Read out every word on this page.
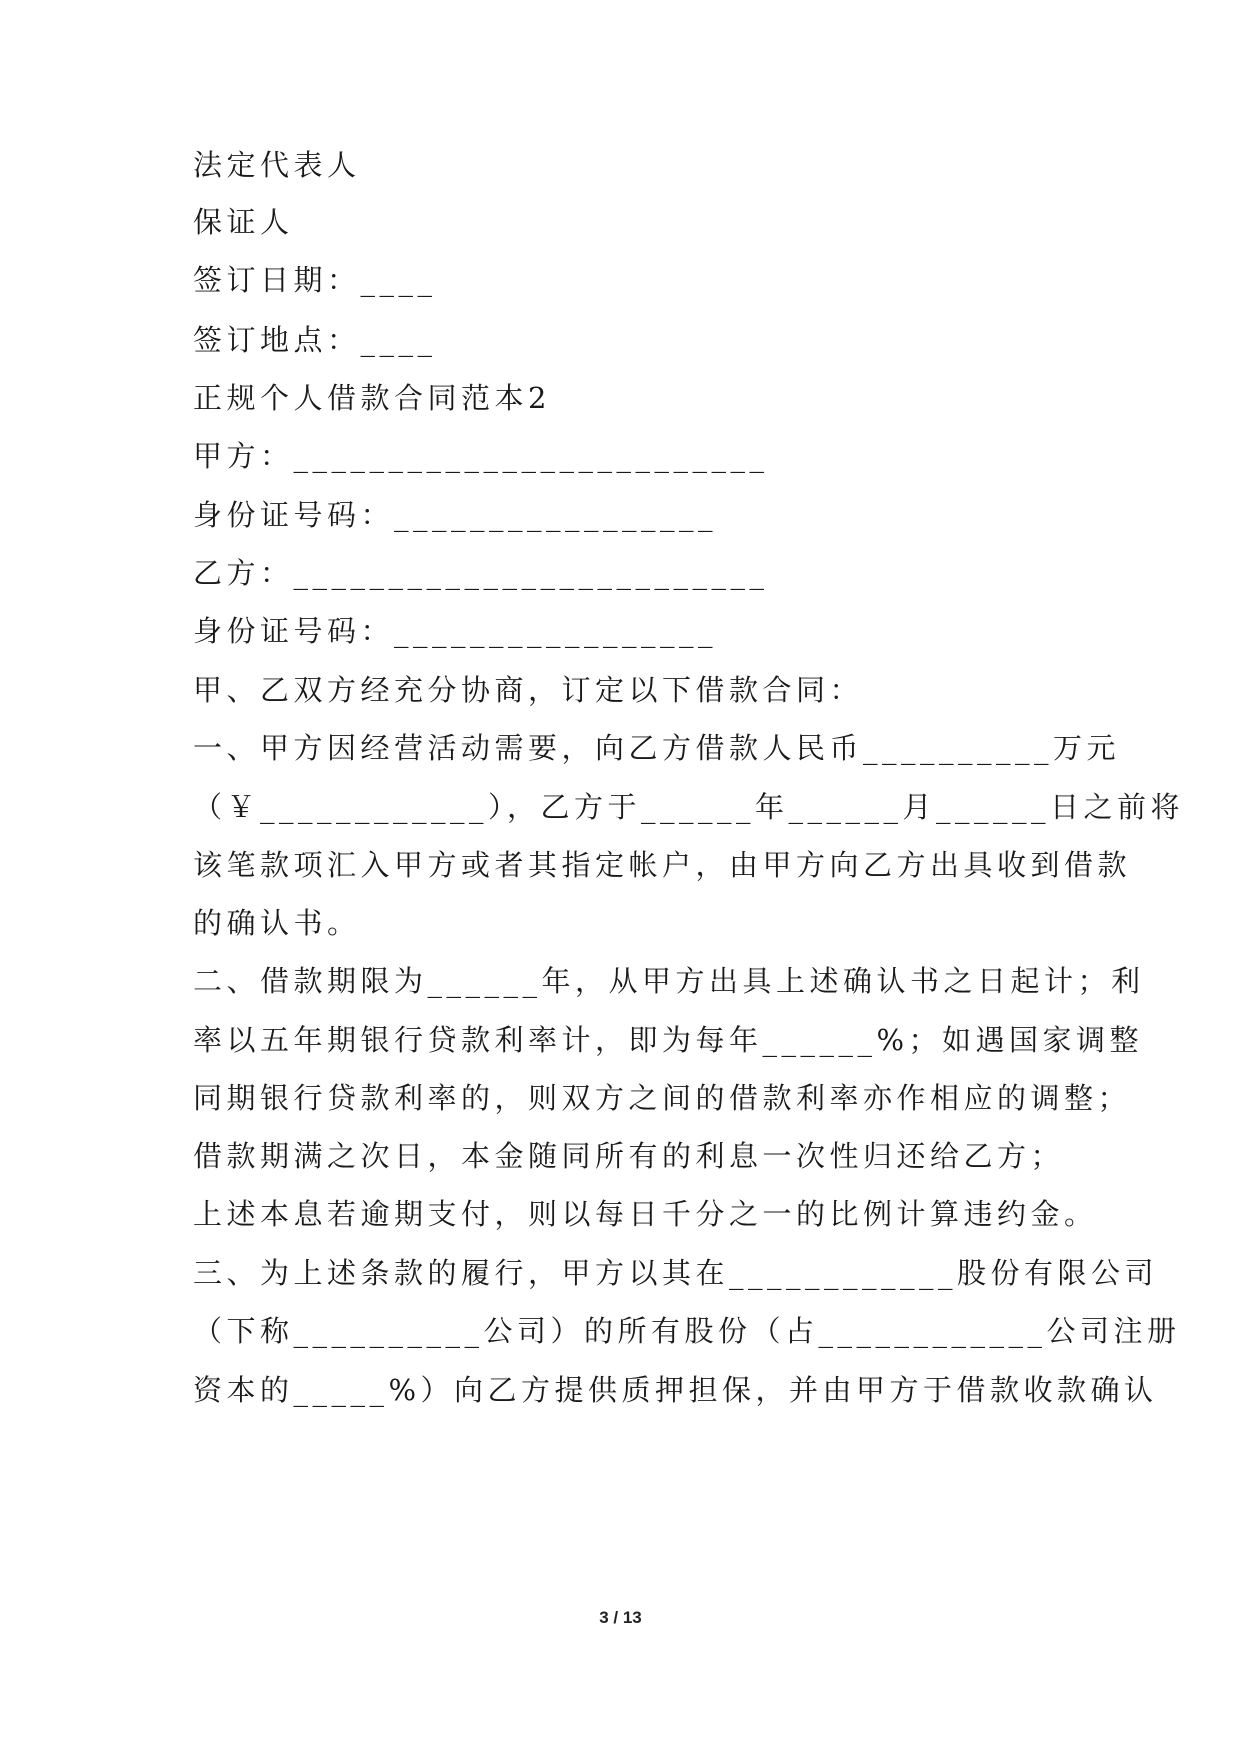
法定代表人
保证人
签订日期：____
签订地点：____
正规个人借款合同范本2
甲方：_________________________
身份证号码：_________________
乙方：_________________________
身份证号码：_________________
甲、乙双方经充分协商，订定以下借款合同：
一、甲方因经营活动需要，向乙方借款人民币__________万元
（￥____________），乙方于______年______月______日之前将
该笔款项汇入甲方或者其指定帐户，由甲方向乙方出具收到借款
的确认书。
二、借款期限为______年，从甲方出具上述确认书之日起计；利
率以五年期银行贷款利率计，即为每年______%；如遇国家调整
同期银行贷款利率的，则双方之间的借款利率亦作相应的调整；
借款期满之次日，本金随同所有的利息一次性归还给乙方；
上述本息若逾期支付，则以每日千分之一的比例计算违约金。
三、为上述条款的履行，甲方以其在____________股份有限公司
（下称__________公司）的所有股份（占____________公司注册
资本的_____%）向乙方提供质押担保，并由甲方于借款收款确认
3 / 13
